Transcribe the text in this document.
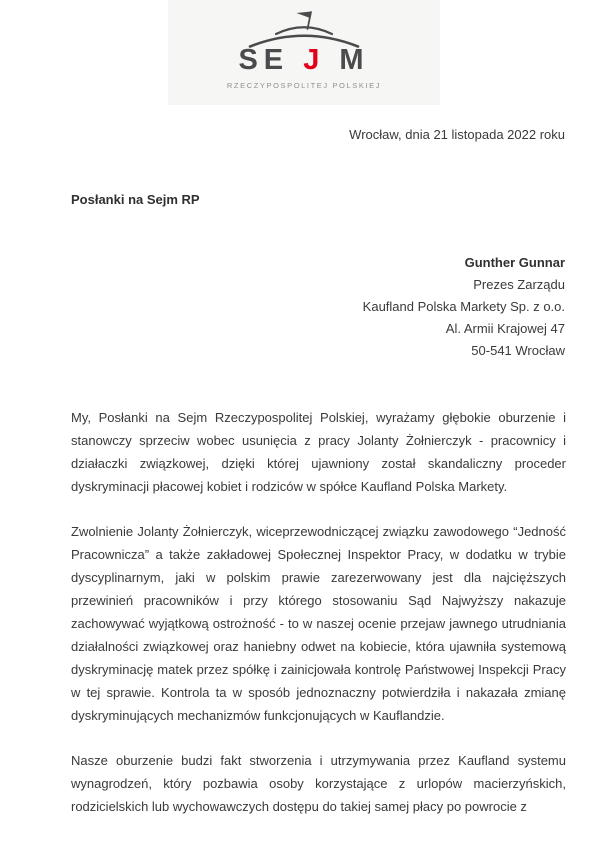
SE J M
RZECZYPOSPOLITEJ POLSKIEJ
Wrocław, dnia 21 listopada 2022 roku
Posłanki na Sejm RP
Gunther Gunnar
Prezes Zarządu
Kaufland Polska Markety Sp. z o.o.
Al. Armii Krajowej 47
50-541 Wrocław

My, Posłanki na Sejm Rzeczypospolitej Polskiej, wyrażamy głębokie oburzenie i stanowczy sprzeciw wobec usunięcia z pracy Jolanty Żołnierczyk - pracownicy i działaczki związkowej, dzięki której ujawniony został skandaliczny proceder dyskryminacji płacowej kobiet i rodziców w spółce Kaufland Polska Markety.

Zwolnienie Jolanty Żołnierczyk, wiceprzewodniczącej związku zawodowego “Jedność Pracownicza” a także zakładowej Społecznej Inspektor Pracy, w dodatku w trybie dyscyplinarnym, jaki w polskim prawie zarezerwowany jest dla najcięższych przewinień pracowników i przy którego stosowaniu Sąd Najwyższy nakazuje zachowywać wyjątkową ostrożność - to w naszej ocenie przejaw jawnego utrudniania działalności związkowej oraz haniebny odwet na kobiecie, która ujawniła systemową dyskryminację matek przez spółkę i zainicjowała kontrolę Państwowej Inspekcji Pracy w tej sprawie. Kontrola ta w sposób jednoznaczny potwierdziła i nakazała zmianę dyskryminujących mechanizmów funkcjonujących w Kauflandzie.

Nasze oburzenie budzi fakt stworzenia i utrzymywania przez Kaufland systemu wynagrodzeń, który pozbawia osoby korzystające z urlopów macierzyńskich, rodzicielskich lub wychowawczych dostępu do takiej samej płacy po powrocie z
